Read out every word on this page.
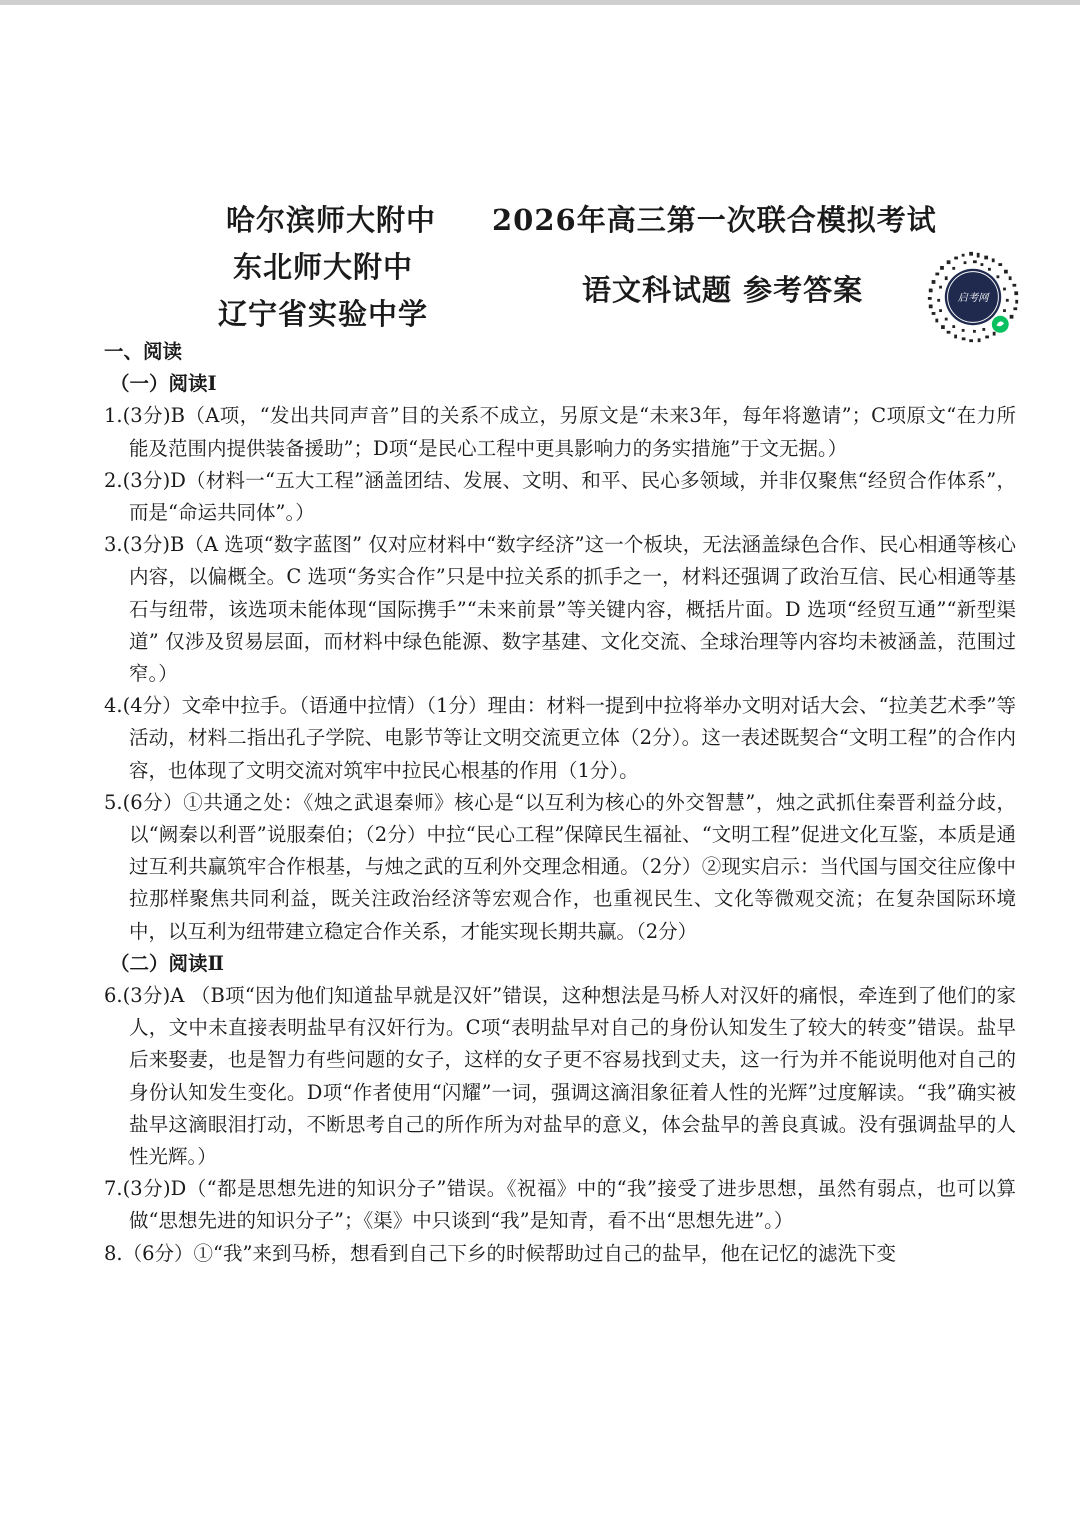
哈尔滨师大附中
东北师大附中
辽宁省实验中学
2026年高三第一次联合模拟考试
语文科试题 参考答案	启考网

一、阅读

（一）阅读Ⅰ

1.(3分)B（A项，“发出共同声音”目的关系不成立，另原文是“未来3年，每年将邀请”；C项原文“在力所能及范围内提供装备援助”；D项“是民心工程中更具影响力的务实措施”于文无据。）

2.(3分)D（材料一“五大工程”涵盖团结、发展、文明、和平、民心多领域，并非仅聚焦“经贸合作体系”，而是“命运共同体”。）

3.(3分)B（A 选项“数字蓝图” 仅对应材料中“数字经济”这一个板块，无法涵盖绿色合作、民心相通等核心内容，以偏概全。C 选项“务实合作”只是中拉关系的抓手之一，材料还强调了政治互信、民心相通等基石与纽带，该选项未能体现“国际携手”“未来前景”等关键内容，概括片面。D 选项“经贸互通”“新型渠道” 仅涉及贸易层面，而材料中绿色能源、数字基建、文化交流、全球治理等内容均未被涵盖，范围过窄。）

4.(4分）文牵中拉手。（语通中拉情）（1分）理由：材料一提到中拉将举办文明对话大会、“拉美艺术季”等活动，材料二指出孔子学院、电影节等让文明交流更立体（2分）。这一表述既契合“文明工程”的合作内容，也体现了文明交流对筑牢中拉民心根基的作用（1分）。

5.(6分）①共通之处：《烛之武退秦师》核心是“以互利为核心的外交智慧”，烛之武抓住秦晋利益分歧，以“阙秦以利晋”说服秦伯；（2分）中拉“民心工程”保障民生福祉、“文明工程”促进文化互鉴，本质是通过互利共赢筑牢合作根基，与烛之武的互利外交理念相通。（2分）②现实启示：当代国与国交往应像中拉那样聚焦共同利益，既关注政治经济等宏观合作，也重视民生、文化等微观交流；在复杂国际环境中，以互利为纽带建立稳定合作关系，才能实现长期共赢。（2分）

（二）阅读Ⅱ

6.(3分)A （B项“因为他们知道盐早就是汉奸”错误，这种想法是马桥人对汉奸的痛恨，牵连到了他们的家人，文中未直接表明盐早有汉奸行为。C项“表明盐早对自己的身份认知发生了较大的转变”错误。盐早后来娶妻，也是智力有些问题的女子，这样的女子更不容易找到丈夫，这一行为并不能说明他对自己的身份认知发生变化。D项“作者使用“闪耀”一词，强调这滴泪象征着人性的光辉”过度解读。“我”确实被盐早这滴眼泪打动，不断思考自己的所作所为对盐早的意义，体会盐早的善良真诚。没有强调盐早的人性光辉。）

7.(3分)D（“都是思想先进的知识分子”错误。《祝福》中的“我”接受了进步思想，虽然有弱点，也可以算做“思想先进的知识分子”；《渠》中只谈到“我”是知青，看不出“思想先进”。）

8.（6分）①“我”来到马桥，想看到自己下乡的时候帮助过自己的盐早，他在记忆的滤洗下变
